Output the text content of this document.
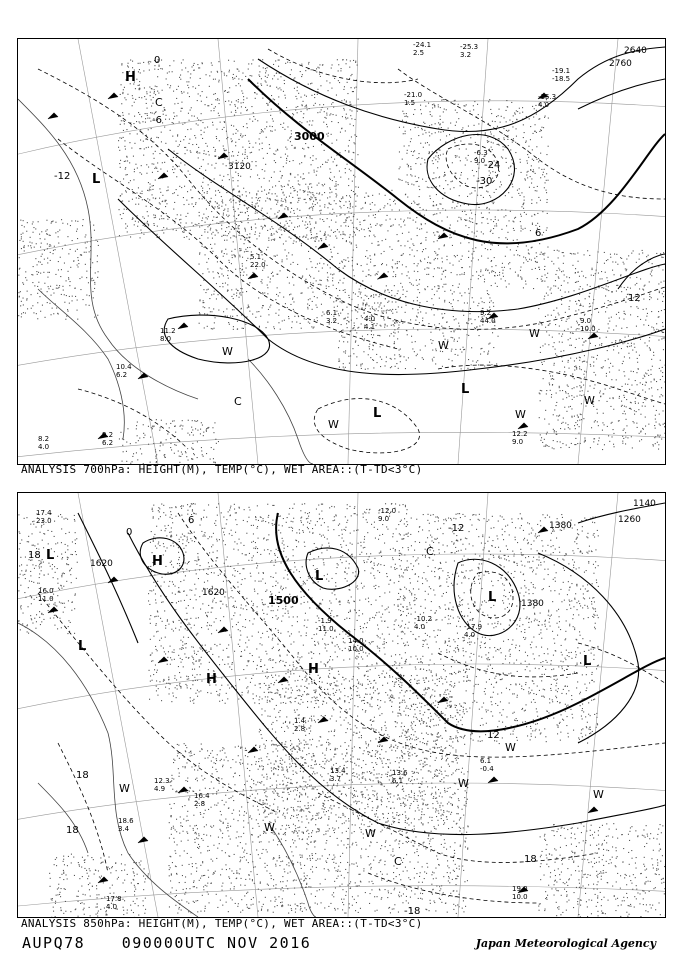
3000
3120
2640
2760
0
-6
-12
6
12
-24
-30
H
L
L
L
C
C
W	W
W
W
W
W
11.2
8.0
9.2
44.0	9.0
10.0
10.4
6.2
12.2
9.0
8.2
4.0
9.2
6.2
-6.3
9.0
-21.0
1.5
-24.1
2.5
-25.3
3.2
-19.1
-18.5
-15.3
4.0
6.1
3.2
5.1
22.0
4.0
4.1
ANALYSIS 700hPa: HEIGHT(M), TEMP(°C), WET AREA::(T-TD<3°C)
1500
1620
1380
1380
1260
1140
1620
18
18
18
18
12
6
0
-18
-12
H
L
L
H
L
L
H
L
C
C
W
W	W
W
W
W
17.4
23.0
16.0
11.0
18.6
3.4
19.0
10.0
17.8
4.0
13.4
3.7
13.6
6.1
16.4
2.8
12.3
4.9
-1.9
11.0	-17.9
4.0
-12.0
9.0
-10.2
4.0
14.0
10.0
1.4
2.8
6.1
-0.4
ANALYSIS 850hPa: HEIGHT(M), TEMP(°C), WET AREA::(T-TD<3°C)
AUPQ78 090000UTC NOV 2016	Japan Meteorological Agency
